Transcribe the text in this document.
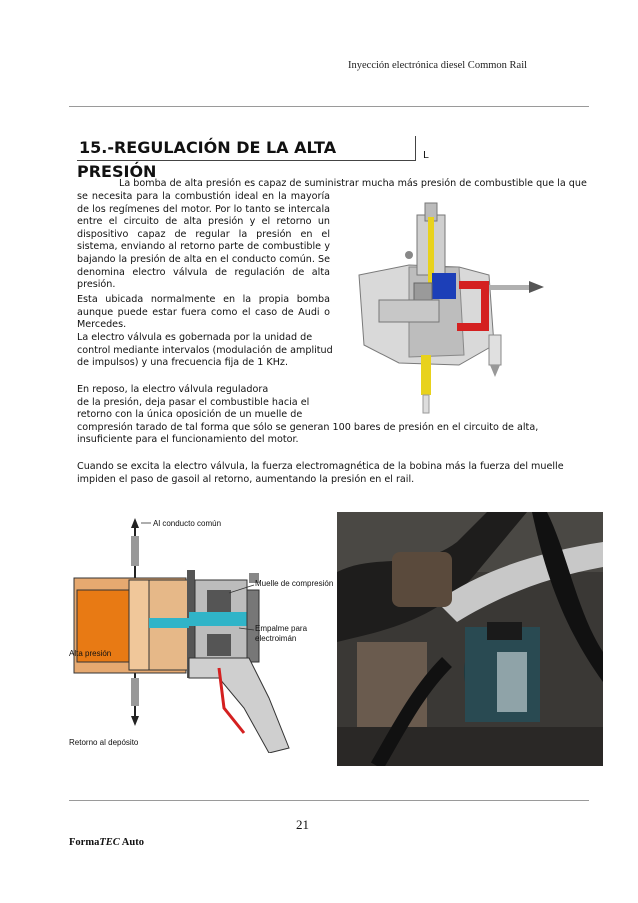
Inyección electrónica diesel Common Rail
15.-REGULACIÓN DE LA ALTA PRESIÓN
L
La bomba de alta presión es capaz de suministrar mucha más presión de combustible que la que
se necesita para la combustión ideal en la mayoría
de los regímenes del motor. Por lo tanto se intercala
entre el circuito de alta presión y el retorno un
dispositivo capaz de regular la presión en el
sistema, enviando al retorno parte de combustible y
bajando la presión de alta en el conducto común. Se
denomina electro válvula de regulación de alta
presión.
Esta ubicada normalmente en la propia bomba
aunque puede estar fuera como el caso de Audi o
Mercedes.
La electro válvula es gobernada por la unidad de
control mediante intervalos (modulación de amplitud
de impulsos) y una frecuencia fija de 1 KHz.
En reposo, la electro válvula reguladora
de la presión, deja pasar el combustible hacia el
retorno con la única oposición de un muelle de
compresión tarado de tal forma que sólo se generan 100 bares de presión en el circuito de alta,
insuficiente para el funcionamiento del motor.
Cuando se excita la electro válvula, la fuerza electromagnética de la bobina más la fuerza del muelle
impiden el paso de gasoil al retorno, aumentando la presión en el rail.
Al conducto común
Muelle de compresión
Empalme para
electroimán
Alta presión
Retorno al depósito
21
FormaTEC Auto
